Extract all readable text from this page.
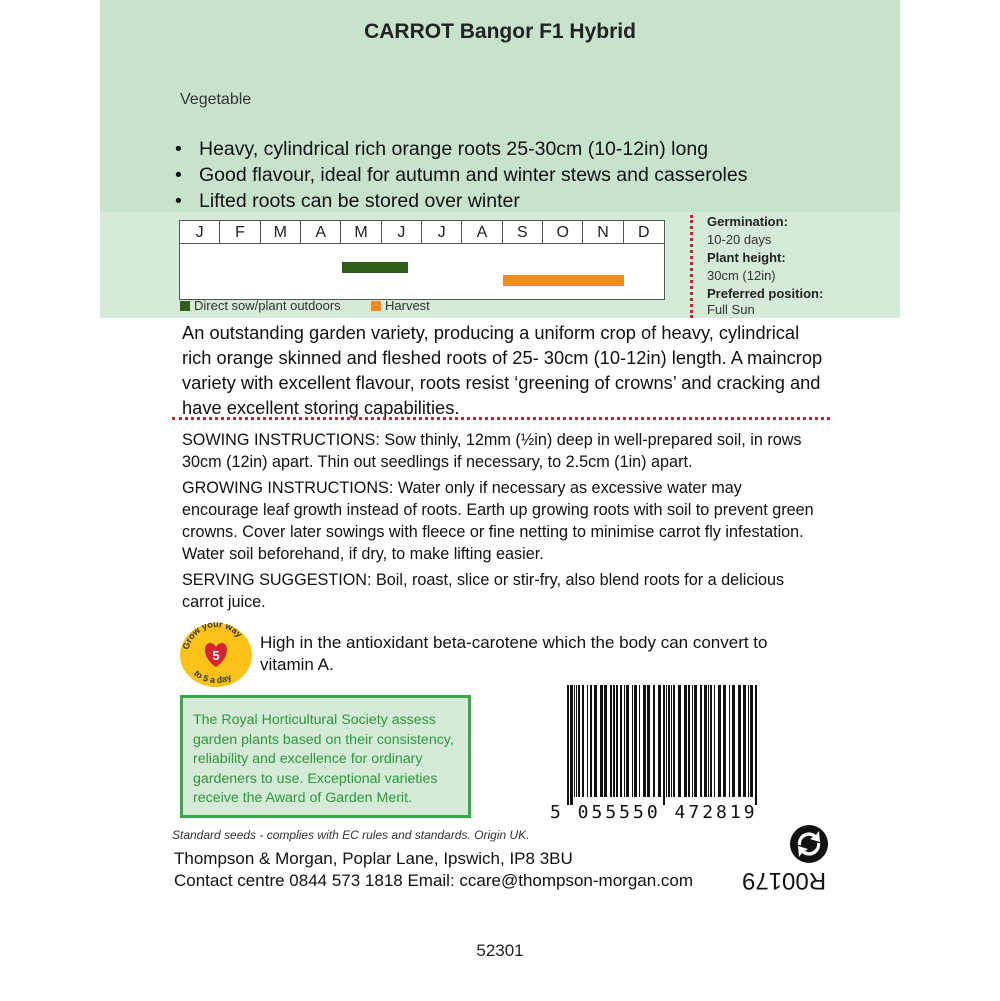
CARROT Bangor F1 Hybrid
Vegetable
• Heavy, cylindrical rich orange roots 25-30cm (10-12in) long
• Good flavour, ideal for autumn and winter stews and casseroles
• Lifted roots can be stored over winter
J	F	M	A	M	J	J	A	S	O	N	D
Direct sow/plant outdoors	Harvest
Germination:
10-20 days
Plant height:
30cm (12in)
Preferred position:
Full Sun
An outstanding garden variety, producing a uniform crop of heavy, cylindrical rich orange skinned and fleshed roots of 25- 30cm (10-12in) length. A maincrop variety with excellent flavour, roots resist ‘greening of crowns’ and cracking and have excellent storing capabilities.
SOWING INSTRUCTIONS: Sow thinly, 12mm (½in) deep in well-prepared soil, in rows 30cm (12in) apart. Thin out seedlings if necessary, to 2.5cm (1in) apart.
GROWING INSTRUCTIONS: Water only if necessary as excessive water may encourage leaf growth instead of roots. Earth up growing roots with soil to prevent green crowns. Cover later sowings with fleece or fine netting to minimise carrot fly infestation. Water soil beforehand, if dry, to make lifting easier.
SERVING SUGGESTION: Boil, roast, slice or stir-fry, also blend roots for a delicious carrot juice.
5
Grow your way
to 5 a day
High in the antioxidant beta-carotene which the body can convert to vitamin A.
The Royal Horticultural Society assess garden plants based on their consistency, reliability and excellence for ordinary gardeners to use. Exceptional varieties receive the Award of Garden Merit.
5 055550 472819
Standard seeds - complies with EC rules and standards. Origin UK.
Thompson & Morgan, Poplar Lane, Ipswich, IP8 3BU
Contact centre 0844 573 1818 Email: ccare@thompson-morgan.com R00179
52301
